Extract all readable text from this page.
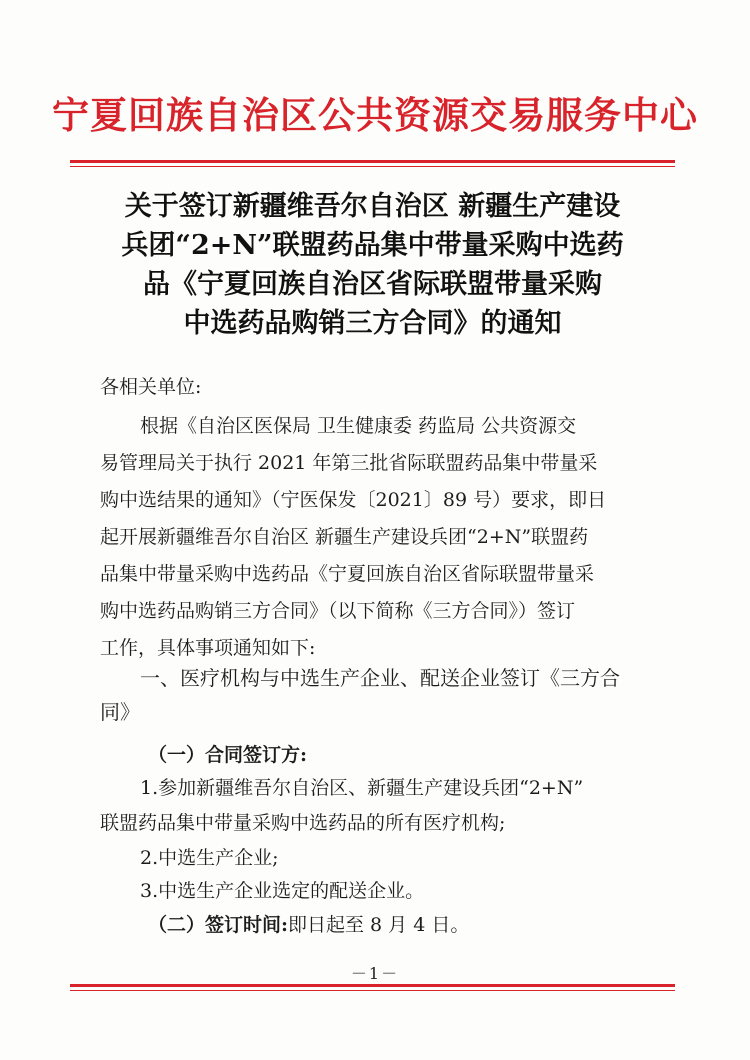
宁夏回族自治区公共资源交易服务中心
关于签订新疆维吾尔自治区 新疆生产建设
兵团“2+N”联盟药品集中带量采购中选药
品《宁夏回族自治区省际联盟带量采购
中选药品购销三方合同》的通知
各相关单位:
根据《自治区医保局 卫生健康委 药监局 公共资源交
易管理局关于执行 2021 年第三批省际联盟药品集中带量采
购中选结果的通知》（宁医保发〔2021〕89 号）要求，即日
起开展新疆维吾尔自治区 新疆生产建设兵团“2+N”联盟药
品集中带量采购中选药品《宁夏回族自治区省际联盟带量采
购中选药品购销三方合同》（以下简称《三方合同》）签订
工作，具体事项通知如下:
一、医疗机构与中选生产企业、配送企业签订《三方合
同》
（一）合同签订方:
1.参加新疆维吾尔自治区、新疆生产建设兵团“2+N”
联盟药品集中带量采购中选药品的所有医疗机构;
2.中选生产企业;
3.中选生产企业选定的配送企业。
（二）签订时间:即日起至 8 月 4 日。
－1－
